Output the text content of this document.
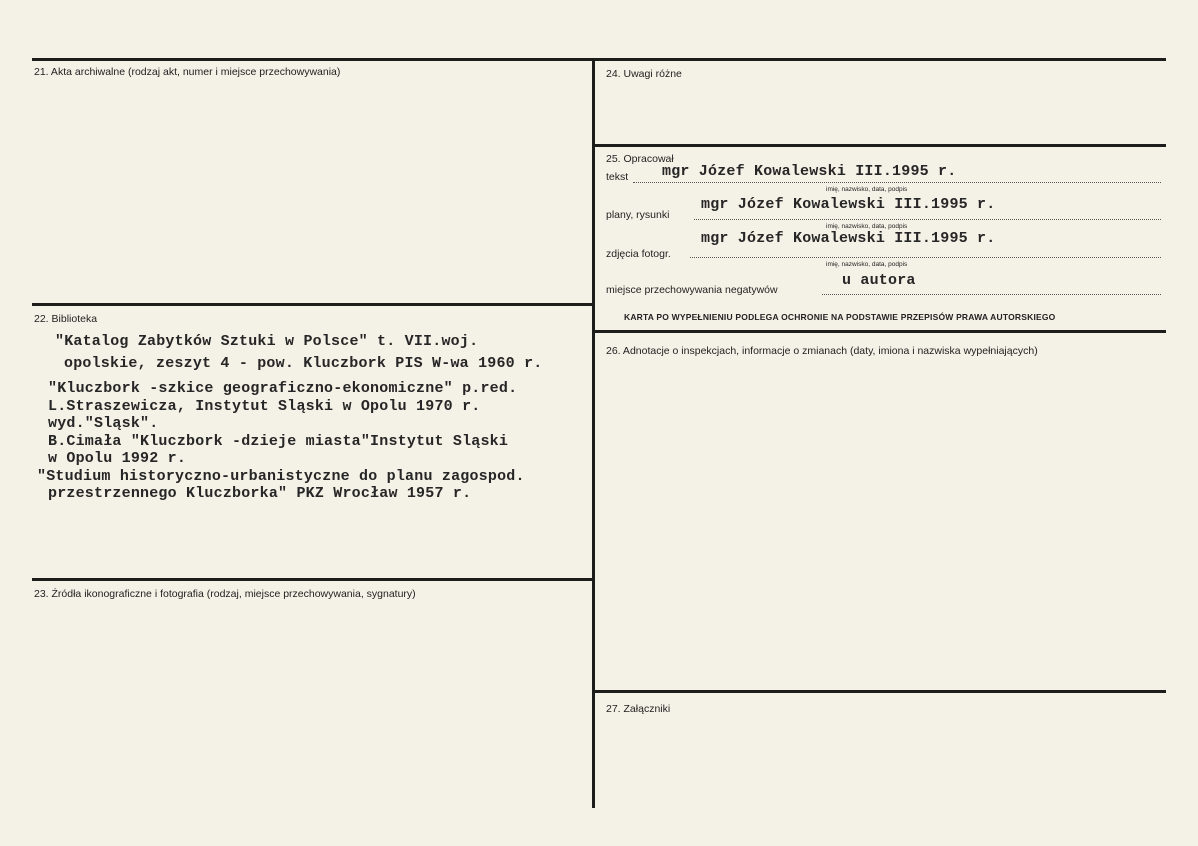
21. Akta archiwalne (rodzaj akt, numer i miejsce przechowywania)
22. Biblioteka
"Katalog Zabytków Sztuki w Polsce" t. VII.woj.
opolskie, zeszyt 4 - pow. Kluczbork PIS W-wa 1960 r.
"Kluczbork -szkice geograficzno-ekonomiczne" p.red.
L.Straszewicza, Instytut Sląski w Opolu 1970 r.
wyd."Sląsk".
B.Cimała "Kluczbork -dzieje miasta"Instytut Sląski
w Opolu 1992 r.
"Studium historyczno-urbanistyczne do planu zagospod.
przestrzennego Kluczborka" PKZ Wrocław 1957 r.
23. Źródła ikonograficzne i fotografia (rodzaj, miejsce przechowywania, sygnatury)
24. Uwagi różne
25. Opracował
tekst mgr Józef Kowalewski III.1995 r.
imię, nazwisko, data, podpis
plany, rysunki
mgr Józef Kowalewski III.1995 r.
imię, nazwisko, data, podpis
zdjęcia fotogr.
mgr Józef Kowalewski III.1995 r.
imię, nazwisko, data, podpis
miejsce przechowywania negatywów
u autora
KARTA PO WYPEŁNIENIU PODLEGA OCHRONIE NA PODSTAWIE PRZEPISÓW PRAWA AUTORSKIEGO
26. Adnotacje o inspekcjach, informacje o zmianach (daty, imiona i nazwiska wypełniających)
27. Załączniki
